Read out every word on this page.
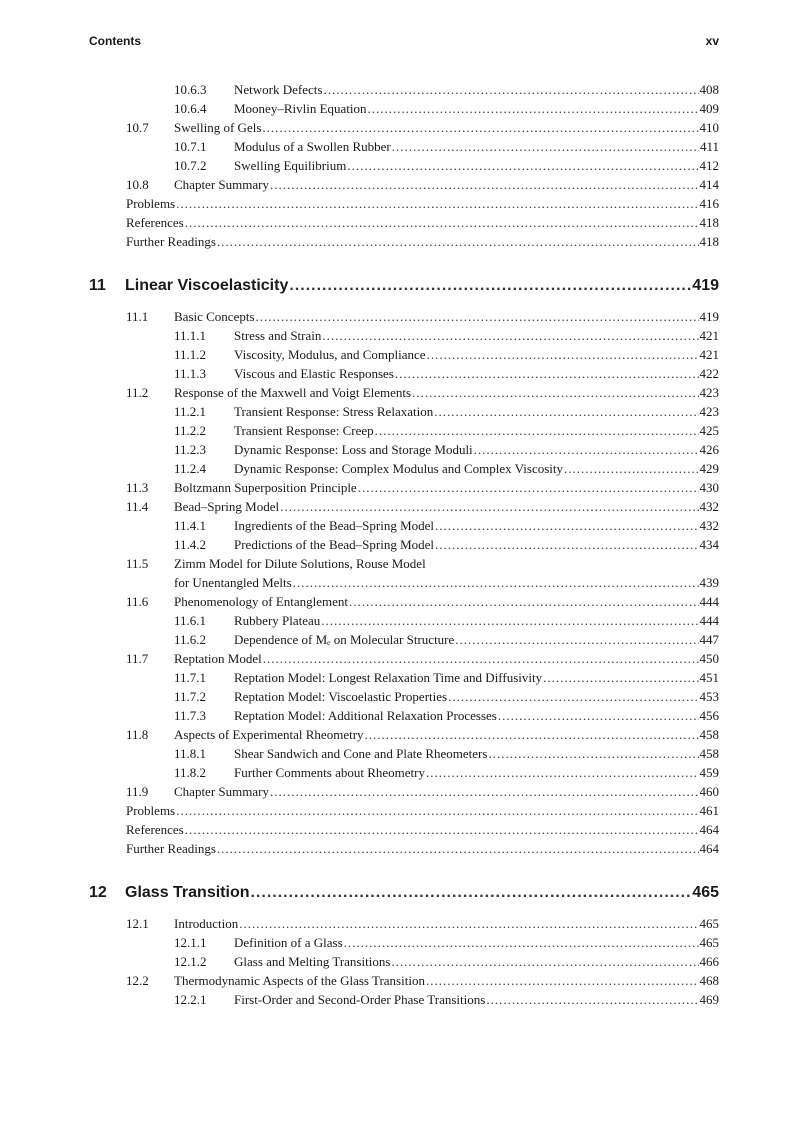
Contents	xv
10.6.3	Network Defects .....	408
10.6.4	Mooney–Rivlin Equation .....	409
10.7	Swelling of Gels .....	410
10.7.1	Modulus of a Swollen Rubber .....	411
10.7.2	Swelling Equilibrium .....	412
10.8	Chapter Summary .....	414
Problems .....	416
References .....	418
Further Readings .....	418
11	Linear Viscoelasticity .....	419
11.1	Basic Concepts .....	419
11.1.1	Stress and Strain .....	421
11.1.2	Viscosity, Modulus, and Compliance .....	421
11.1.3	Viscous and Elastic Responses .....	422
11.2	Response of the Maxwell and Voigt Elements .....	423
11.2.1	Transient Response: Stress Relaxation .....	423
11.2.2	Transient Response: Creep .....	425
11.2.3	Dynamic Response: Loss and Storage Moduli .....	426
11.2.4	Dynamic Response: Complex Modulus and Complex Viscosity .....	429
11.3	Boltzmann Superposition Principle .....	430
11.4	Bead–Spring Model .....	432
11.4.1	Ingredients of the Bead–Spring Model .....	432
11.4.2	Predictions of the Bead–Spring Model .....	434
11.5	Zimm Model for Dilute Solutions, Rouse Model
for Unentangled Melts .....	439
11.6	Phenomenology of Entanglement .....	444
11.6.1	Rubbery Plateau .....	444
11.6.2	Dependence of Mₑ on Molecular Structure .....	447
11.7	Reptation Model .....	450
11.7.1	Reptation Model: Longest Relaxation Time and Diffusivity .....	451
11.7.2	Reptation Model: Viscoelastic Properties .....	453
11.7.3	Reptation Model: Additional Relaxation Processes .....	456
11.8	Aspects of Experimental Rheometry .....	458
11.8.1	Shear Sandwich and Cone and Plate Rheometers .....	458
11.8.2	Further Comments about Rheometry .....	459
11.9	Chapter Summary .....	460
Problems .....	461
References .....	464
Further Readings .....	464
12	Glass Transition .....	465
12.1	Introduction .....	465
12.1.1	Definition of a Glass .....	465
12.1.2	Glass and Melting Transitions .....	466
12.2	Thermodynamic Aspects of the Glass Transition .....	468
12.2.1	First-Order and Second-Order Phase Transitions .....	469
